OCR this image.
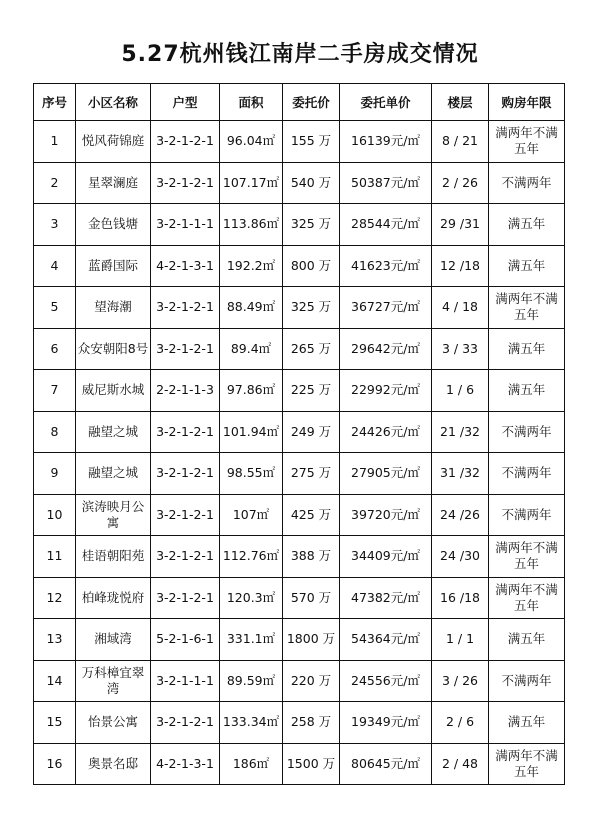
5.27杭州钱江南岸二手房成交情况
序号	小区名称	户型	面积	委托价	委托单价	楼层	购房年限
1	悦风荷锦庭	3-2-1-2-1	96.04㎡	155 万	16139元/㎡	8 / 21	满两年不满五年
2	星翠澜庭	3-2-1-2-1	107.17㎡	540 万	50387元/㎡	2 / 26	不满两年
3	金色钱塘	3-2-1-1-1	113.86㎡	325 万	28544元/㎡	29 /31	满五年
4	蓝爵国际	4-2-1-3-1	192.2㎡	800 万	41623元/㎡	12 /18	满五年
5	望海潮	3-2-1-2-1	88.49㎡	325 万	36727元/㎡	4 / 18	满两年不满五年
6	众安朝阳8号	3-2-1-2-1	89.4㎡	265 万	29642元/㎡	3 / 33	满五年
7	威尼斯水城	2-2-1-1-3	97.86㎡	225 万	22992元/㎡	1 / 6	满五年
8	融望之城	3-2-1-2-1	101.94㎡	249 万	24426元/㎡	21 /32	不满两年
9	融望之城	3-2-1-2-1	98.55㎡	275 万	27905元/㎡	31 /32	不满两年
10	滨涛映月公寓	3-2-1-2-1	107㎡	425 万	39720元/㎡	24 /26	不满两年
11	桂语朝阳苑	3-2-1-2-1	112.76㎡	388 万	34409元/㎡	24 /30	满两年不满五年
12	柏峰珑悦府	3-2-1-2-1	120.3㎡	570 万	47382元/㎡	16 /18	满两年不满五年
13	湘域湾	5-2-1-6-1	331.1㎡	1800 万	54364元/㎡	1 / 1	满五年
14	万科樟宜翠湾	3-2-1-1-1	89.59㎡	220 万	24556元/㎡	3 / 26	不满两年
15	怡景公寓	3-2-1-2-1	133.34㎡	258 万	19349元/㎡	2 / 6	满五年
16	奥景名邸	4-2-1-3-1	186㎡	1500 万	80645元/㎡	2 / 48	满两年不满五年
